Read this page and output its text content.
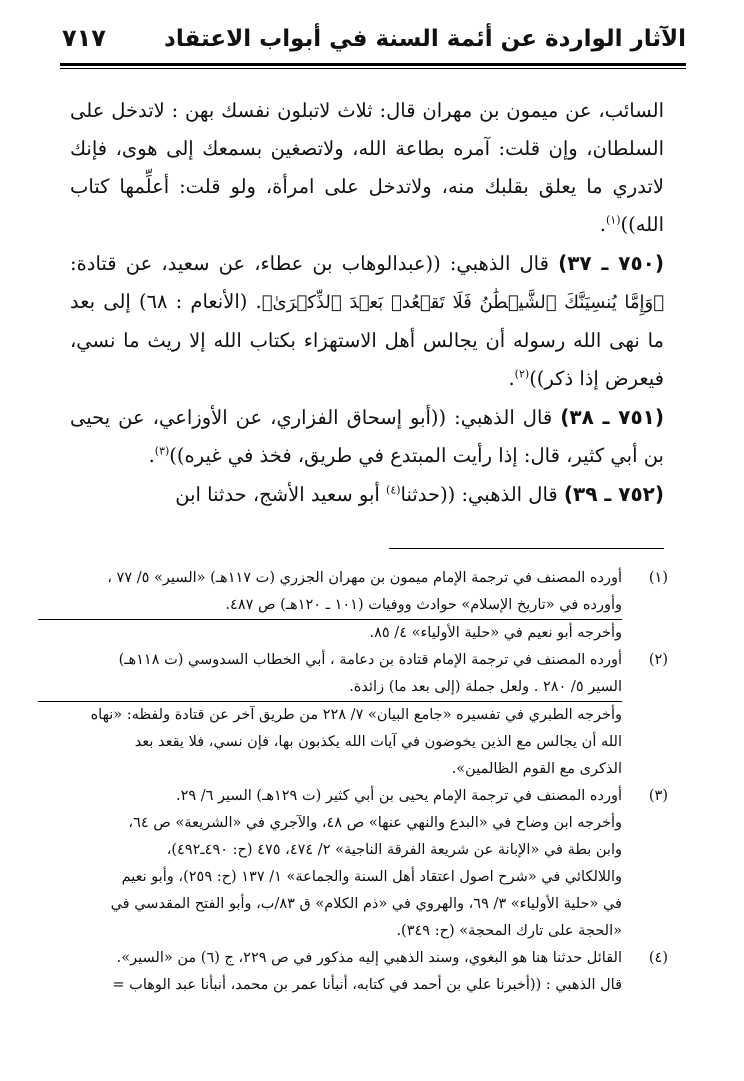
الآثار الواردة عن أئمة السنة في أبواب الاعتقاد
٧١٧

السائب، عن ميمون بن مهران قال: ثلاث لاتبلون نفسك بهن : لاتدخل على السلطان، وإن قلت: آمره بطاعة الله، ولاتصغين بسمعك إلى هوى، فإنك لاتدري ما يعلق بقلبك منه، ولاتدخل على امرأة، ولو قلت: أعلِّمها كتاب الله))$^{(١)}$.

(٧٥٠ ـ ٣٧) قال الذهبي: ((عبدالوهاب بن عطاء، عن سعيد، عن قتادة: ﴿وَإِمَّا يُنسِيَنَّكَ ٱلشَّيۡطَٰنُ فَلَا تَقۡعُدۡ بَعۡدَ ٱلذِّكۡرَىٰ﴾. (الأنعام : ٦٨) إلى بعد ما نهى الله رسوله أن يجالس أهل الاستهزاء بكتاب الله إلا ريث ما نسي، فيعرض إذا ذكر))$^{(٢)}$.

(٧٥١ ـ ٣٨) قال الذهبي: ((أبو إسحاق الفزاري، عن الأوزاعي، عن يحيى بن أبي كثير، قال: إذا رأيت المبتدع في طريق، فخذ في غيره))$^{(٣)}$.

(٧٥٢ ـ ٣٩) قال الذهبي: ((حدثنا$^{(٤)}$ أبو سعيد الأشج، حدثنا ابن

(١)
أورده المصنف في ترجمة الإمام ميمون بن مهران الجزري (ت ١١٧هـ) «السير» ٥/ ٧٧ ،
وأورده في «تاريخ الإسلام» حوادث ووفيات (١٠١ ـ ١٢٠هـ) ص ٤٨٧.
وأخرجه أبو نعيم في «حلية الأولياء» ٤/ ٨٥.
(٢)
أورده المصنف في ترجمة الإمام قتادة بن دعامة ، أبي الخطاب السدوسي (ت ١١٨هـ)
السير ٥/ ٢٨٠ . ولعل جملة (إلى بعد ما) زائدة.
وأخرجه الطبري في تفسيره «جامع البيان» ٧/ ٢٢٨ من طريق آخر عن قتادة ولفظه: «نهاه
الله أن يجالس مع الذين يخوضون في آيات الله يكذبون بها، فإن نسي، فلا يقعد بعد
الذكرى مع القوم الظالمين».
(٣)
أورده المصنف في ترجمة الإمام يحيى بن أبي كثير (ت ١٢٩هـ) السير ٦/ ٢٩.
وأخرجه ابن وضاح في «البدع والنهي عنها» ص ٤٨، والآجري في «الشريعة» ص ٦٤،
وابن بطة في «الإبانة عن شريعة الفرقة الناجية» ٢/ ٤٧٤، ٤٧٥ (ح: ٤٩٠ـ٤٩٢)،
واللالكائي في «شرح اصول اعتقاد أهل السنة والجماعة» ١/ ١٣٧ (ح: ٢٥٩)، وأبو نعيم
في «حلية الأولياء» ٣/ ٦٩، والهروي في «ذم الكلام» ق ٨٣/ب، وأبو الفتح المقدسي في
«الحجة على تارك المحجة» (ح: ٣٤٩).
(٤)
القائل حدثنا هنا هو البغوي، وسند الذهبي إليه مذكور في ص ٢٢٩، ج (٦) من «السير».
قال الذهبي : ((أخبرنا علي بن أحمد في كتابه، أنبأنا عمر بن محمد، أنبأنا عبد الوهاب =
